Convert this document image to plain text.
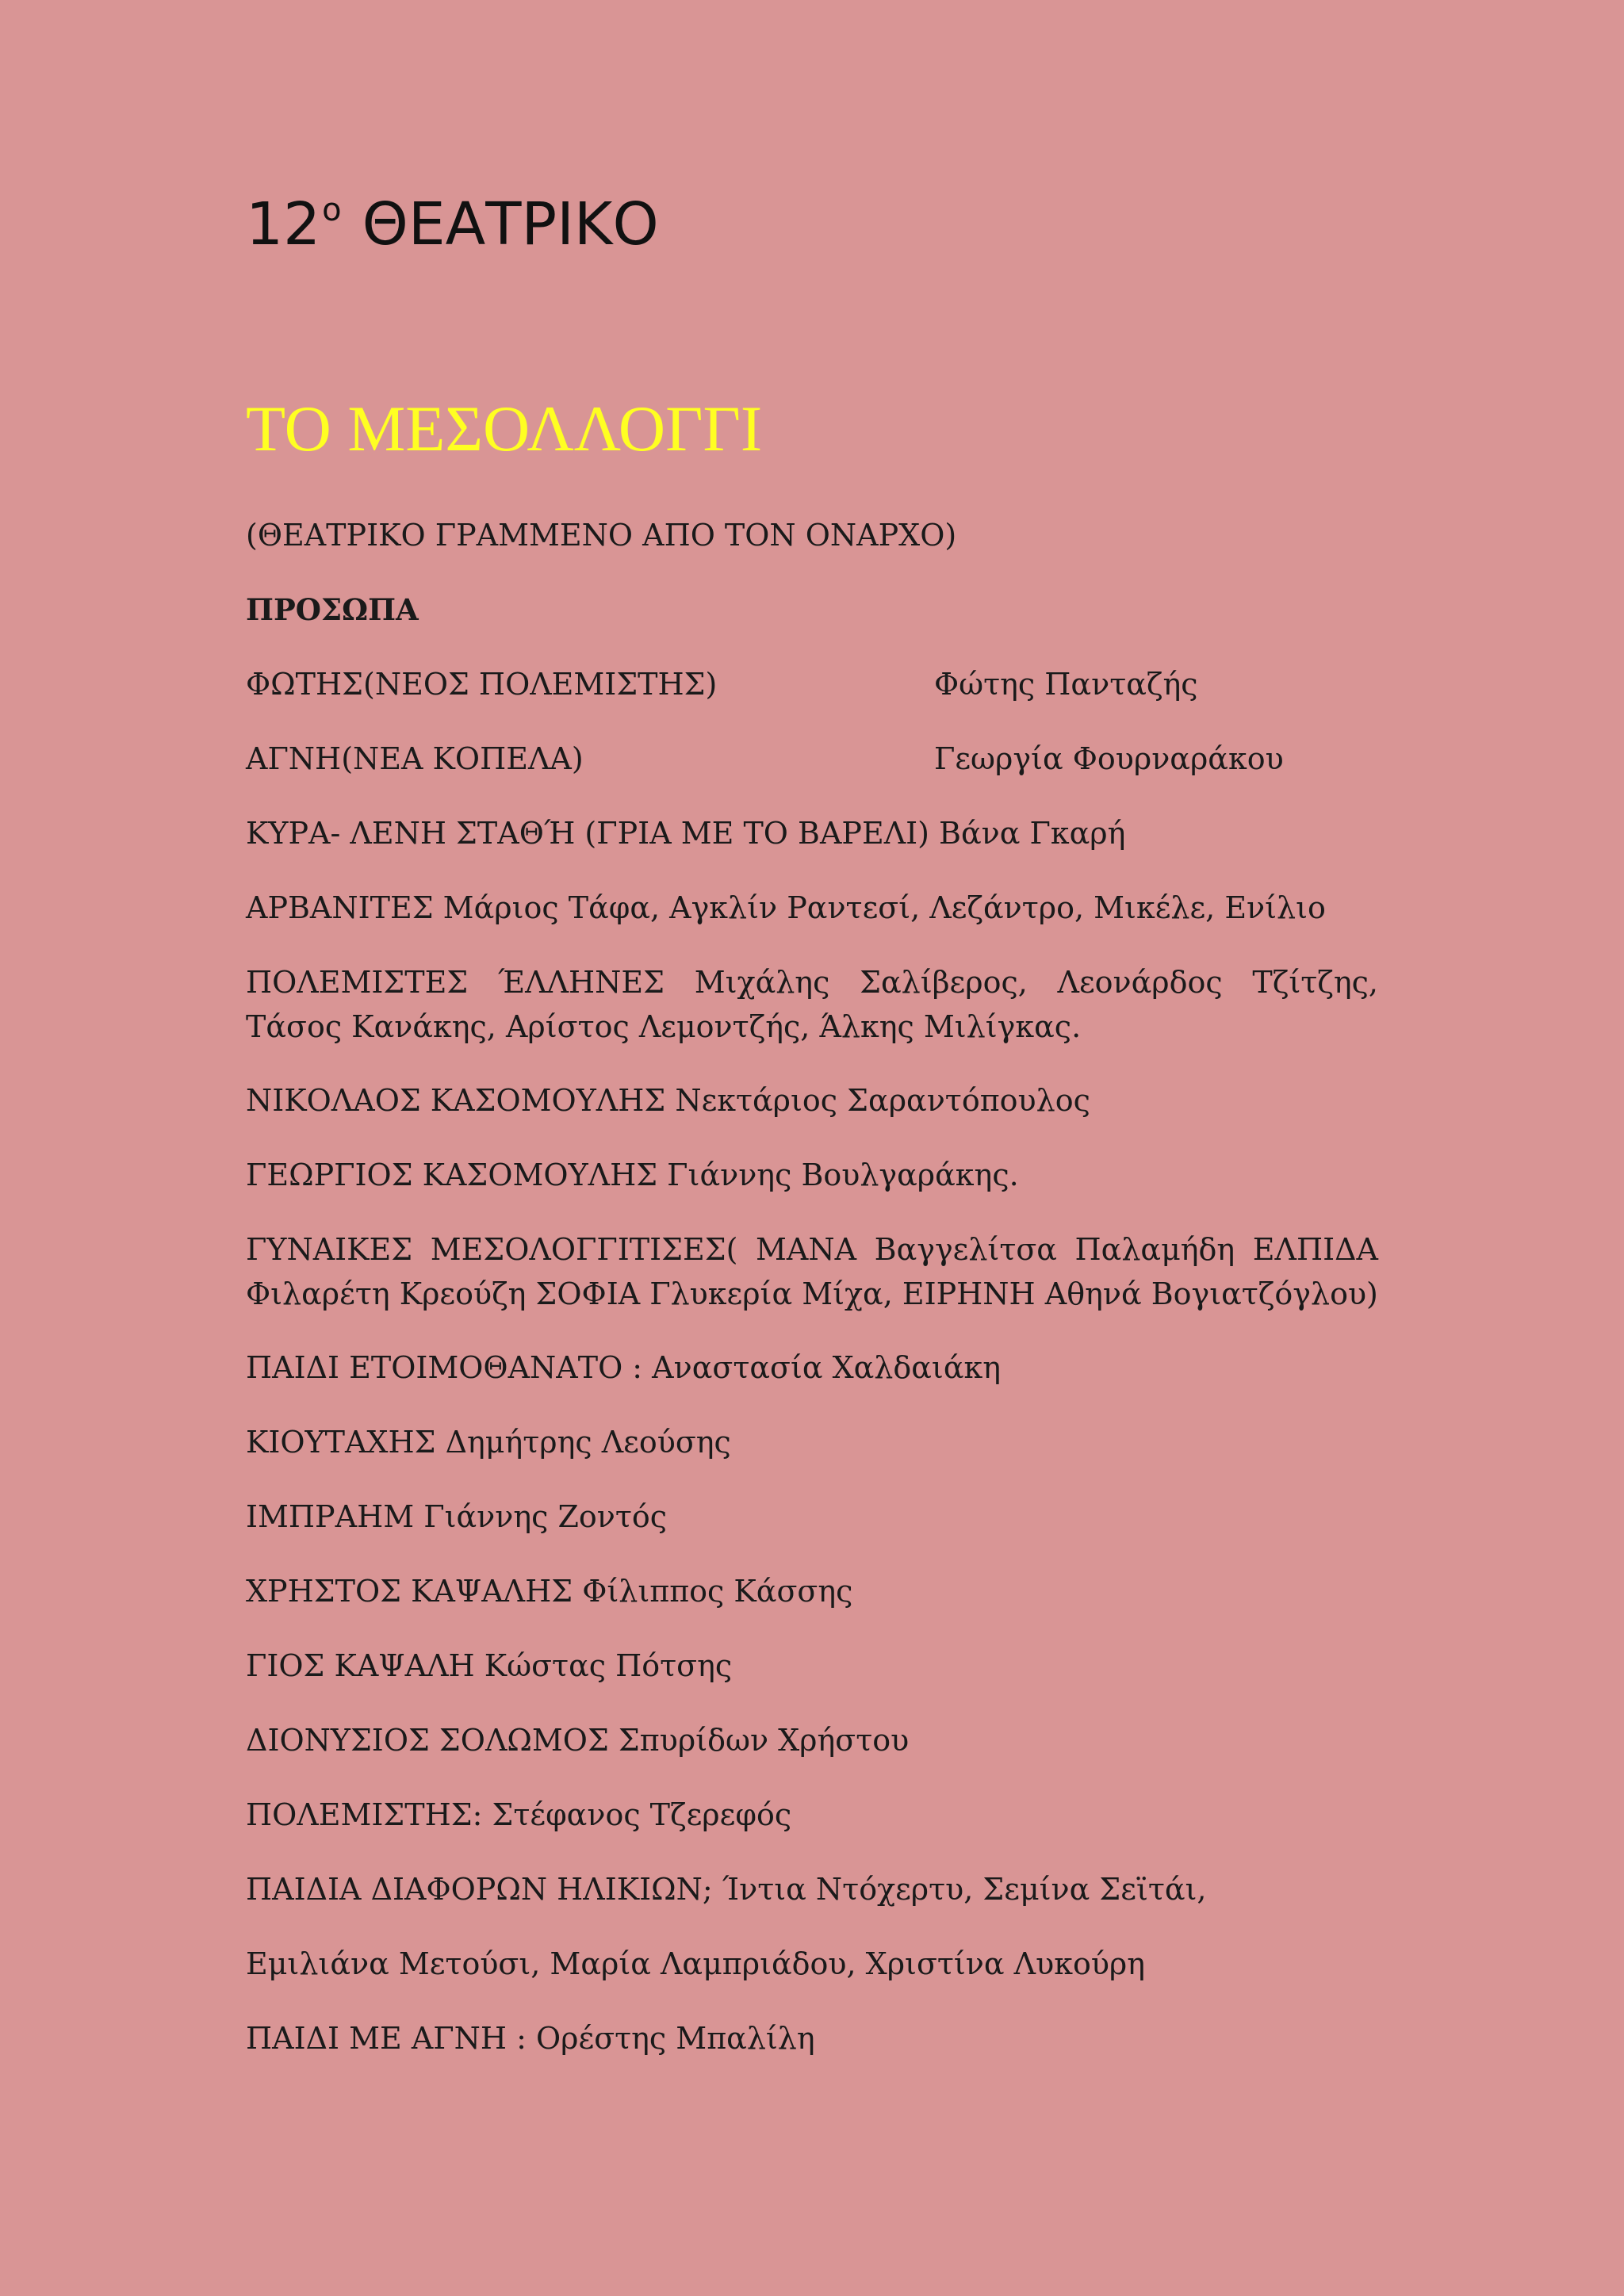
$12^o$ ΘΕΑΤΡΙΚΟ
ΤΟ ΜΕΣΟΛΛΟΓΓΙ

(ΘΕΑΤΡΙΚΟ ΓΡΑΜΜΕΝΟ ΑΠΟ ΤΟΝ ΟΝΑΡΧΟ)

ΠΡΟΣΩΠΑ

ΦΩΤΗΣ(ΝΕΟΣ ΠΟΛΕΜΙΣΤΗΣ)	Φώτης Πανταζής

ΑΓΝΗ(ΝΕΑ ΚΟΠΕΛΑ)	Γεωργία Φουρναράκου

ΚΥΡΑ- ΛΕΝΗ ΣΤΑΘΉ (ΓΡΙΑ ΜΕ ΤΟ ΒΑΡΕΛΙ) Βάνα Γκαρή

ΑΡΒΑΝΙΤΕΣ Μάριος Τάφα, Αγκλίν Ραντεσί, Λεζάντρο, Μικέλε, Ενίλιο

ΠΟΛΕΜΙΣΤΕΣ ΈΛΛΗΝΕΣ Μιχάλης Σαλίβερος, Λεονάρδος Τζίτζης, Τάσος Κανάκης, Αρίστος Λεμοντζής, Άλκης Μιλίγκας.

ΝΙΚΟΛΑΟΣ ΚΑΣΟΜΟΥΛΗΣ Νεκτάριος Σαραντόπουλος

ΓΕΩΡΓΙΟΣ ΚΑΣΟΜΟΥΛΗΣ Γιάννης Βουλγαράκης.

ΓΥΝΑΙΚΕΣ ΜΕΣΟΛΟΓΓΙΤΙΣΕΣ( ΜΑΝΑ Βαγγελίτσα Παλαμήδη ΕΛΠΙΔΑ Φιλαρέτη Κρεούζη ΣΟΦΙΑ Γλυκερία Μίχα, ΕΙΡΗΝΗ Αθηνά Βογιατζόγλου)

ΠΑΙΔΙ ΕΤΟΙΜΟΘΑΝΑΤΟ : Αναστασία Χαλδαιάκη

ΚΙΟΥΤΑΧΗΣ Δημήτρης Λεούσης

ΙΜΠΡΑΗΜ Γιάννης Ζοντός

ΧΡΗΣΤΟΣ ΚΑΨΑΛΗΣ Φίλιππος Κάσσης

ΓΙΟΣ ΚΑΨΑΛΗ Κώστας Πότσης

ΔΙΟΝΥΣΙΟΣ ΣΟΛΩΜΟΣ Σπυρίδων Χρήστου

ΠΟΛΕΜΙΣΤΗΣ: Στέφανος Τζερεφός

ΠΑΙΔΙΑ ΔΙΑΦΟΡΩΝ ΗΛΙΚΙΩΝ; Ίντια Ντόχερτυ, Σεμίνα Σεϊτάι,

Εμιλιάνα Μετούσι, Μαρία Λαμπριάδου, Χριστίνα Λυκούρη

ΠΑΙΔΙ ΜΕ ΑΓΝΗ : Ορέστης Μπαλίλη
